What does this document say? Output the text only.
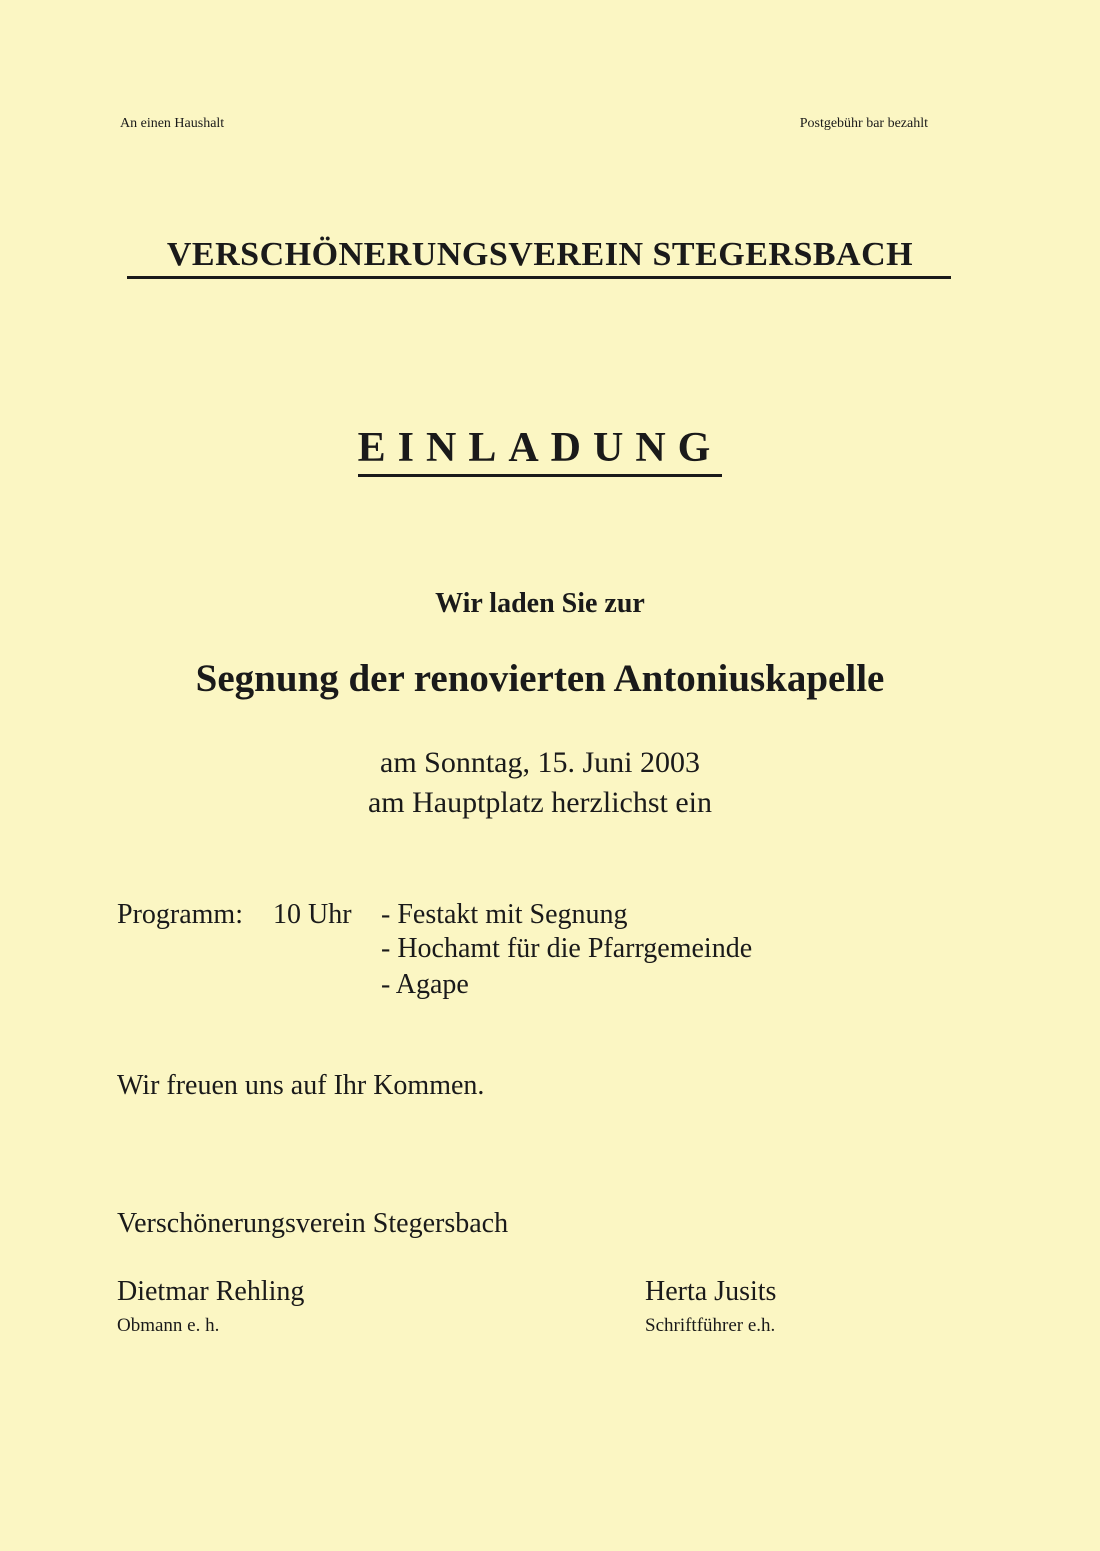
An einen Haushalt	Postgebühr bar bezahlt

VERSCHÖNERUNGSVEREIN STEGERSBACH
EINLADUNG

Wir laden Sie zur

Segnung der renovierten Antoniuskapelle

am Sonntag, 15. Juni 2003

am Hauptplatz herzlichst ein

Programm: 10 Uhr - Festakt mit Segnung
- Hochamt für die Pfarrgemeinde
- Agape

Wir freuen uns auf Ihr Kommen.

Verschönerungsverein Stegersbach

Dietmar Rehling
Obmann e. h.
Herta Jusits
Schriftführer e.h.
